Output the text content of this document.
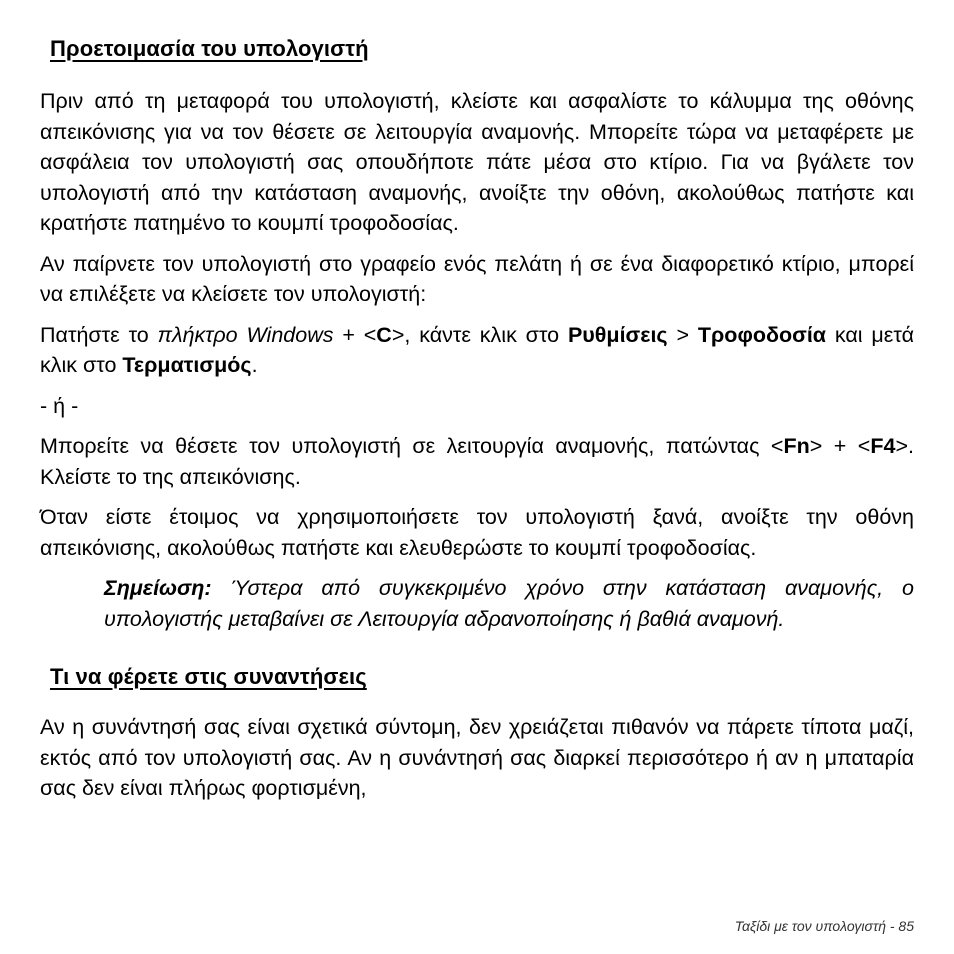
Προετοιμασία του υπολογιστή

Πριν από τη μεταφορά του υπολογιστή, κλείστε και ασφαλίστε το κάλυμμα της οθόνης απεικόνισης για να τον θέσετε σε λειτουργία αναμονής. Μπορείτε τώρα να μεταφέρετε με ασφάλεια τον υπολογιστή σας οπουδήποτε πάτε μέσα στο κτίριο. Για να βγάλετε τον υπολογιστή από την κατάσταση αναμονής, ανοίξτε την οθόνη, ακολούθως πατήστε και κρατήστε πατημένο το κουμπί τροφοδοσίας.

Αν παίρνετε τον υπολογιστή στο γραφείο ενός πελάτη ή σε ένα διαφορετικό κτίριο, μπορεί να επιλέξετε να κλείσετε τον υπολογιστή:

Πατήστε το πλήκτρο Windows + <C>, κάντε κλικ στο Ρυθμίσεις > Τροφοδοσία και μετά κλικ στο Τερματισμός.

- ή -

Μπορείτε να θέσετε τον υπολογιστή σε λειτουργία αναμονής, πατώντας <Fn> + <F4>. Κλείστε το της απεικόνισης.

Όταν είστε έτοιμος να χρησιμοποιήσετε τον υπολογιστή ξανά, ανοίξτε την οθόνη απεικόνισης, ακολούθως πατήστε και ελευθερώστε το κουμπί τροφοδοσίας.

Σημείωση: Ύστερα από συγκεκριμένο χρόνο στην κατάσταση αναμονής, ο υπολογιστής μεταβαίνει σε Λειτουργία αδρανοποίησης ή βαθιά αναμονή.

Τι να φέρετε στις συναντήσεις

Αν η συνάντησή σας είναι σχετικά σύντομη, δεν χρειάζεται πιθανόν να πάρετε τίποτα μαζί, εκτός από τον υπολογιστή σας. Αν η συνάντησή σας διαρκεί περισσότερο ή αν η μπαταρία σας δεν είναι πλήρως φορτισμένη,

Ταξίδι με τον υπολογιστή - 85
